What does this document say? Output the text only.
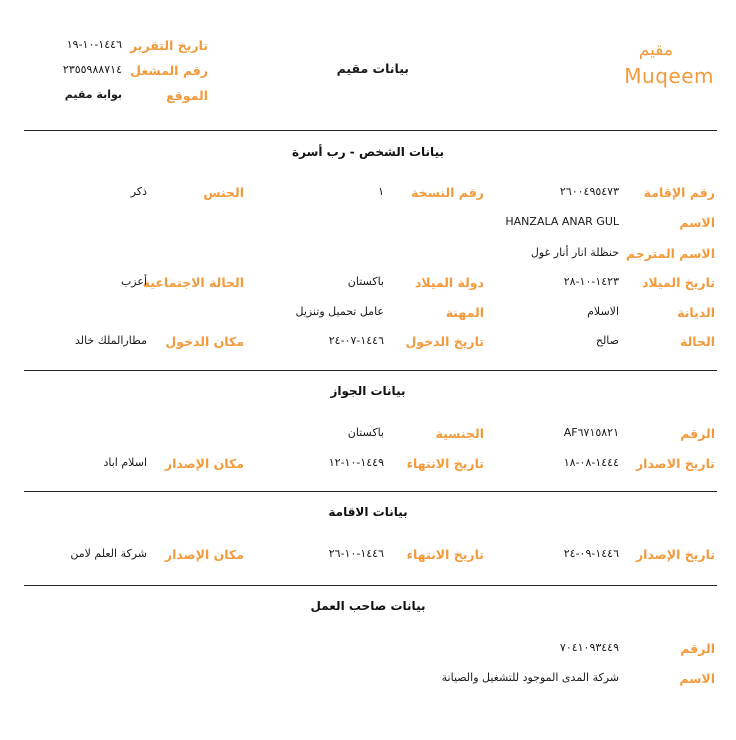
مقيم
Muqeem
بيانات مقيم
تاريخ التقرير
١٤٤٦-١٠-١٩
رقم المشغل
٢٣٥٥٩٨٨٧١٤
الموقع
بوابة مقيم
بيانات الشخص - رب أسرة
رقم الإقامة
٢٦٠٠٤٩٥٤٧٣
رقم النسخة
١
الجنس
ذكر
الاسم
HANZALA ANAR GUL
الاسم المترجم
حنظلة انار أنار غول
تاريخ الميلاد
١٤٢٣-١٠-٢٨
دولة الميلاد
باكستان
الحالة الاجتماعية
أعزب
الديانة
الاسلام
المهنة
عامل تحميل وتنزيل
الحالة
صالح
تاريخ الدخول
١٤٤٦-٠٧-٢٤
مكان الدخول
مطارالملك خالد
بيانات الجواز
الرقم
AF٦٧١٥٨٢١
الجنسية
باكستان
تاريخ الاصدار
١٤٤٤-٠٨-١٨
تاريخ الانتهاء
١٤٤٩-١٠-١٢
مكان الإصدار
اسلام اباد
بيانات الاقامة
تاريخ الإصدار
١٤٤٦-٠٩-٢٤
تاريخ الانتهاء
١٤٤٦-١٠-٢٦
مكان الإصدار
شركة العلم لامن
بيانات صاحب العمل
الرقم
٧٠٤١٠٩٣٤٤٩
الاسم
شركة المدى الموجود للتشغيل والصيانة
